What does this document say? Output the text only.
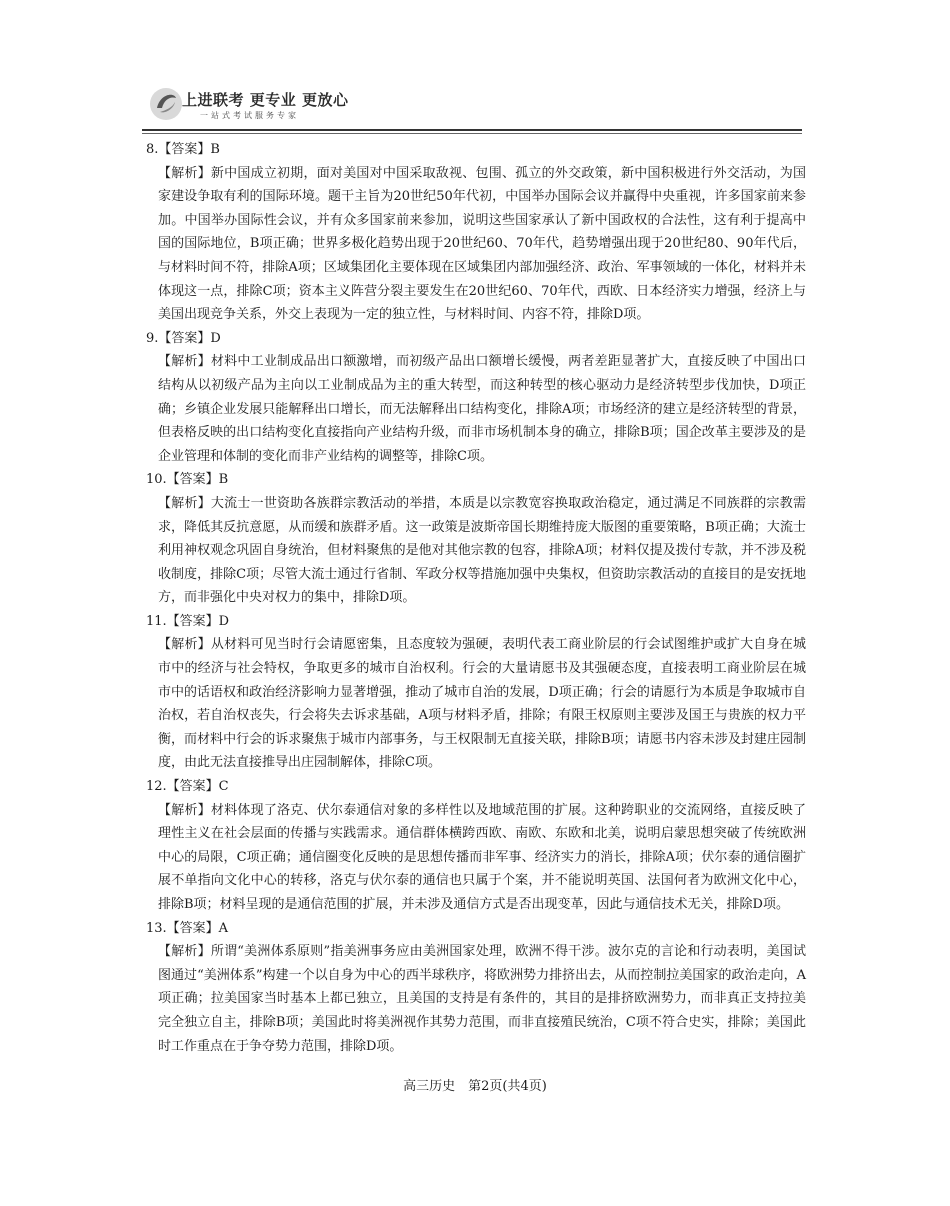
上进联考 更专业 更放心
一站式考试服务专家

8.【答案】B

【解析】新中国成立初期，面对美国对中国采取敌视、包围、孤立的外交政策，新中国积极进行外交活动，为国家建设争取有利的国际环境。题干主旨为20世纪50年代初，中国举办国际会议并赢得中央重视，许多国家前来参加。中国举办国际性会议，并有众多国家前来参加，说明这些国家承认了新中国政权的合法性，这有利于提高中国的国际地位，B项正确；世界多极化趋势出现于20世纪60、70年代，趋势增强出现于20世纪80、90年代后，与材料时间不符，排除A项；区域集团化主要体现在区域集团内部加强经济、政治、军事领域的一体化，材料并未体现这一点，排除C项；资本主义阵营分裂主要发生在20世纪60、70年代，西欧、日本经济实力增强，经济上与美国出现竞争关系，外交上表现为一定的独立性，与材料时间、内容不符，排除D项。

9.【答案】D

【解析】材料中工业制成品出口额激增，而初级产品出口额增长缓慢，两者差距显著扩大，直接反映了中国出口结构从以初级产品为主向以工业制成品为主的重大转型，而这种转型的核心驱动力是经济转型步伐加快，D项正确；乡镇企业发展只能解释出口增长，而无法解释出口结构变化，排除A项；市场经济的建立是经济转型的背景，但表格反映的出口结构变化直接指向产业结构升级，而非市场机制本身的确立，排除B项；国企改革主要涉及的是企业管理和体制的变化而非产业结构的调整等，排除C项。

10.【答案】B

【解析】大流士一世资助各族群宗教活动的举措，本质是以宗教宽容换取政治稳定，通过满足不同族群的宗教需求，降低其反抗意愿，从而缓和族群矛盾。这一政策是波斯帝国长期维持庞大版图的重要策略，B项正确；大流士利用神权观念巩固自身统治，但材料聚焦的是他对其他宗教的包容，排除A项；材料仅提及拨付专款，并不涉及税收制度，排除C项；尽管大流士通过行省制、军政分权等措施加强中央集权，但资助宗教活动的直接目的是安抚地方，而非强化中央对权力的集中，排除D项。

11.【答案】D

【解析】从材料可见当时行会请愿密集，且态度较为强硬，表明代表工商业阶层的行会试图维护或扩大自身在城市中的经济与社会特权，争取更多的城市自治权利。行会的大量请愿书及其强硬态度，直接表明工商业阶层在城市中的话语权和政治经济影响力显著增强，推动了城市自治的发展，D项正确；行会的请愿行为本质是争取城市自治权，若自治权丧失，行会将失去诉求基础，A项与材料矛盾，排除；有限王权原则主要涉及国王与贵族的权力平衡，而材料中行会的诉求聚焦于城市内部事务，与王权限制无直接关联，排除B项；请愿书内容未涉及封建庄园制度，由此无法直接推导出庄园制解体，排除C项。

12.【答案】C

【解析】材料体现了洛克、伏尔泰通信对象的多样性以及地域范围的扩展。这种跨职业的交流网络，直接反映了理性主义在社会层面的传播与实践需求。通信群体横跨西欧、南欧、东欧和北美，说明启蒙思想突破了传统欧洲中心的局限，C项正确；通信圈变化反映的是思想传播而非军事、经济实力的消长，排除A项；伏尔泰的通信圈扩展不单指向文化中心的转移，洛克与伏尔泰的通信也只属于个案，并不能说明英国、法国何者为欧洲文化中心，排除B项；材料呈现的是通信范围的扩展，并未涉及通信方式是否出现变革，因此与通信技术无关，排除D项。

13.【答案】A

【解析】所谓“美洲体系原则”指美洲事务应由美洲国家处理，欧洲不得干涉。波尔克的言论和行动表明，美国试图通过“美洲体系”构建一个以自身为中心的西半球秩序，将欧洲势力排挤出去，从而控制拉美国家的政治走向，A项正确；拉美国家当时基本上都已独立，且美国的支持是有条件的，其目的是排挤欧洲势力，而非真正支持拉美完全独立自主，排除B项；美国此时将美洲视作其势力范围，而非直接殖民统治，C项不符合史实，排除；美国此时工作重点在于争夺势力范围，排除D项。

高三历史　第2页(共4页)
